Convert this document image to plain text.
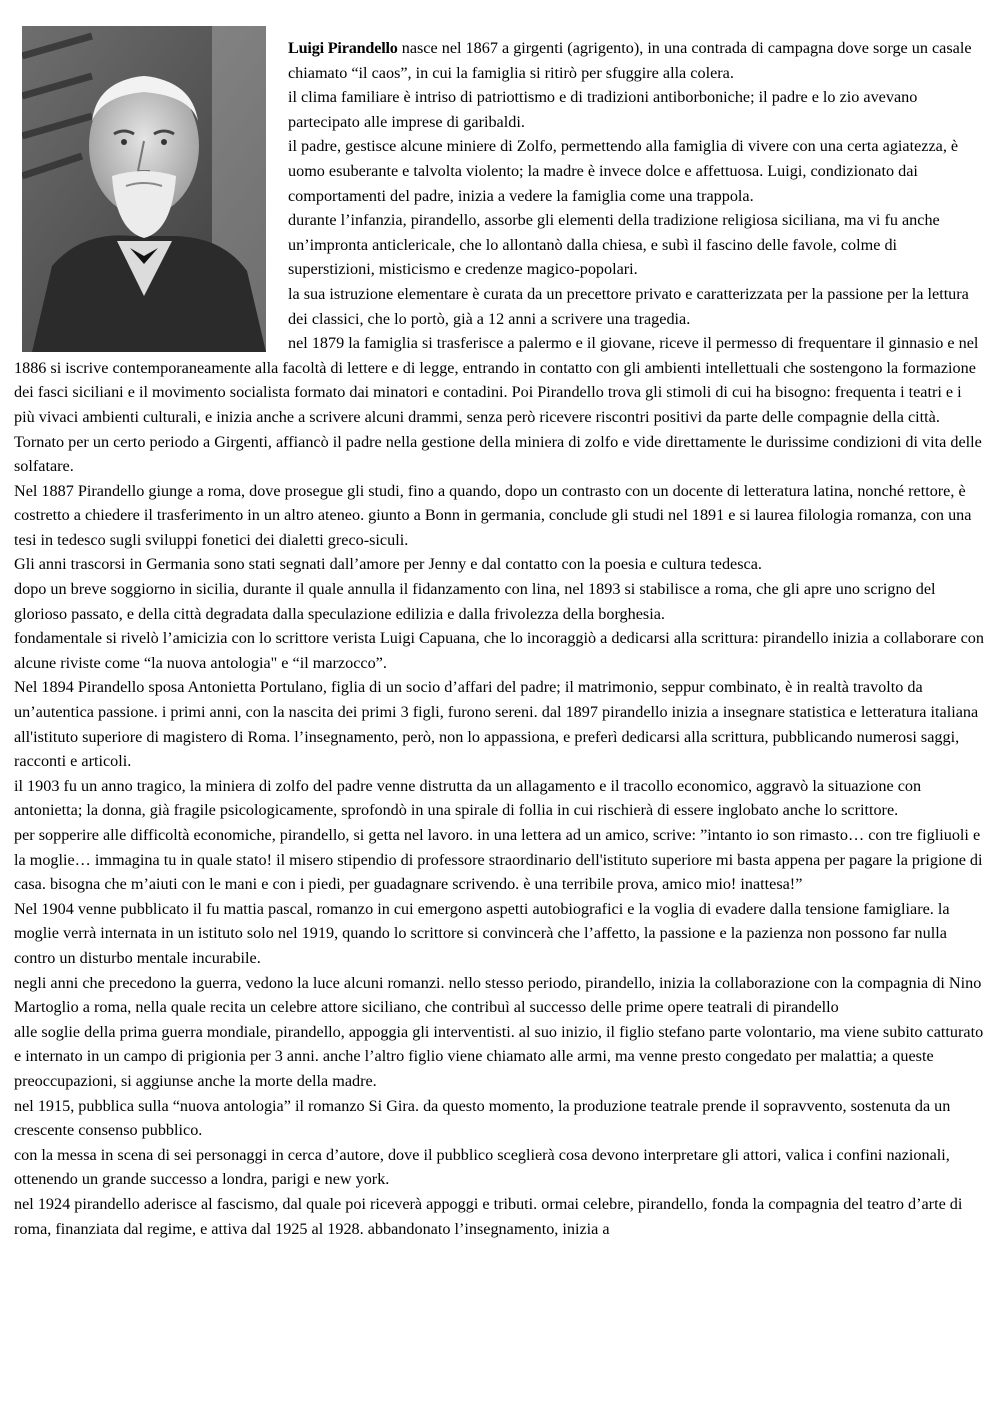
Luigi Pirandello nasce nel 1867 a girgenti (agrigento), in una contrada di campagna dove sorge un casale chiamato “il caos”, in cui la famiglia si ritirò per sfuggire alla colera.

il clima familiare è intriso di patriottismo e di tradizioni antiborboniche; il padre e lo zio avevano partecipato alle imprese di garibaldi.

il padre, gestisce alcune miniere di Zolfo, permettendo alla famiglia di vivere con una certa agiatezza, è uomo esuberante e talvolta violento; la madre è invece dolce e affettuosa. Luigi, condizionato dai comportamenti del padre, inizia a vedere la famiglia come una trappola.

durante l’infanzia, pirandello, assorbe gli elementi della tradizione religiosa siciliana, ma vi fu anche un’impronta anticlericale, che lo allontanò dalla chiesa, e subì il fascino delle favole, colme di superstizioni, misticismo e credenze magico-popolari.

la sua istruzione elementare è curata da un precettore privato e caratterizzata per la passione per la lettura dei classici, che lo portò, già a 12 anni a scrivere una tragedia.

nel 1879 la famiglia si trasferisce a palermo e il giovane, riceve il permesso di frequentare il ginnasio e nel 1886 si iscrive contemporaneamente alla facoltà di lettere e di legge, entrando in contatto con gli ambienti intellettuali che sostengono la formazione dei fasci siciliani e il movimento socialista formato dai minatori e contadini. Poi Pirandello trova gli stimoli di cui ha bisogno: frequenta i teatri e i più vivaci ambienti culturali, e inizia anche a scrivere alcuni drammi, senza però ricevere riscontri positivi da parte delle compagnie della città. Tornato per un certo periodo a Girgenti, affiancò il padre nella gestione della miniera di zolfo e vide direttamente le durissime condizioni di vita delle solfatare.

Nel 1887 Pirandello giunge a roma, dove prosegue gli studi, fino a quando, dopo un contrasto con un docente di letteratura latina, nonché rettore, è costretto a chiedere il trasferimento in un altro ateneo. giunto a Bonn in germania, conclude gli studi nel 1891 e si laurea filologia romanza, con una tesi in tedesco sugli sviluppi fonetici dei dialetti greco-siculi.

Gli anni trascorsi in Germania sono stati segnati dall’amore per Jenny e dal contatto con la poesia e cultura tedesca.

dopo un breve soggiorno in sicilia, durante il quale annulla il fidanzamento con lina, nel 1893 si stabilisce a roma, che gli apre uno scrigno del glorioso passato, e della città degradata dalla speculazione edilizia e dalla frivolezza della borghesia.

fondamentale si rivelò l’amicizia con lo scrittore verista Luigi Capuana, che lo incoraggiò a dedicarsi alla scrittura: pirandello inizia a collaborare con alcune riviste come “la nuova antologia" e “il marzocco”.

Nel 1894 Pirandello sposa Antonietta Portulano, figlia di un socio d’affari del padre; il matrimonio, seppur combinato, è in realtà travolto da un’autentica passione. i primi anni, con la nascita dei primi 3 figli, furono sereni. dal 1897 pirandello inizia a insegnare statistica e letteratura italiana all'istituto superiore di magistero di Roma. l’insegnamento, però, non lo appassiona, e preferì dedicarsi alla scrittura, pubblicando numerosi saggi, racconti e articoli.

il 1903 fu un anno tragico, la miniera di zolfo del padre venne distrutta da un allagamento e il tracollo economico, aggravò la situazione con antonietta; la donna, già fragile psicologicamente, sprofondò in una spirale di follia in cui rischierà di essere inglobato anche lo scrittore.

per sopperire alle difficoltà economiche, pirandello, si getta nel lavoro. in una lettera ad un amico, scrive: ”intanto io son rimasto… con tre figliuoli e la moglie… immagina tu in quale stato! il misero stipendio di professore straordinario dell'istituto superiore mi basta appena per pagare la prigione di casa. bisogna che m’aiuti con le mani e con i piedi, per guadagnare scrivendo. è una terribile prova, amico mio! inattesa!”

Nel 1904 venne pubblicato il fu mattia pascal, romanzo in cui emergono aspetti autobiografici e la voglia di evadere dalla tensione famigliare. la moglie verrà internata in un istituto solo nel 1919, quando lo scrittore si convincerà che l’affetto, la passione e la pazienza non possono far nulla contro un disturbo mentale incurabile.

negli anni che precedono la guerra, vedono la luce alcuni romanzi. nello stesso periodo, pirandello, inizia la collaborazione con la compagnia di Nino Martoglio a roma, nella quale recita un celebre attore siciliano, che contribuì al successo delle prime opere teatrali di pirandello

alle soglie della prima guerra mondiale, pirandello, appoggia gli interventisti. al suo inizio, il figlio stefano parte volontario, ma viene subito catturato e internato in un campo di prigionia per 3 anni. anche l’altro figlio viene chiamato alle armi, ma venne presto congedato per malattia; a queste preoccupazioni, si aggiunse anche la morte della madre.

nel 1915, pubblica sulla “nuova antologia” il romanzo Si Gira. da questo momento, la produzione teatrale prende il sopravvento, sostenuta da un crescente consenso pubblico.

con la messa in scena di sei personaggi in cerca d’autore, dove il pubblico sceglierà cosa devono interpretare gli attori, valica i confini nazionali, ottenendo un grande successo a londra, parigi e new york.

nel 1924 pirandello aderisce al fascismo, dal quale poi riceverà appoggi e tributi. ormai celebre, pirandello, fonda la compagnia del teatro d’arte di roma, finanziata dal regime, e attiva dal 1925 al 1928. abbandonato l’insegnamento, inizia a
